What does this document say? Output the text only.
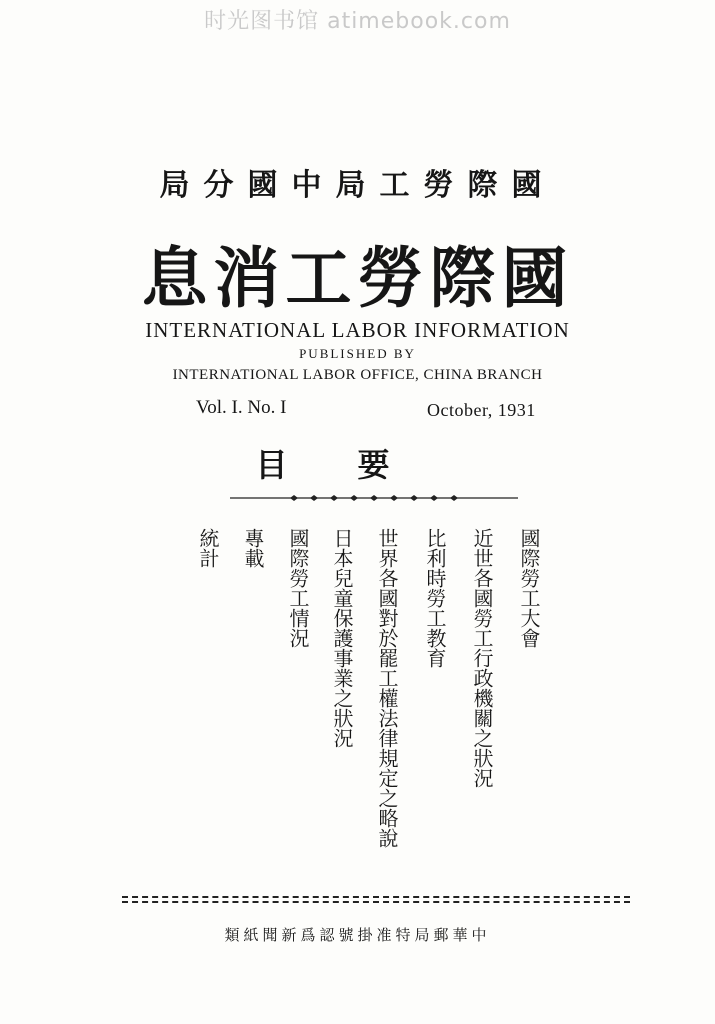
时光图书馆 atimebook.com
國際勞工局中國分局
國際勞工消息
INTERNATIONAL LABOR INFORMATION
PUBLISHED BY
INTERNATIONAL LABOR OFFICE, CHINA BRANCH
Vol. I. No. I	October, 1931
要目
國際勞工大會
近世各國勞工行政機關之狀況
比利時勞工教育
世界各國對於罷工權法律規定之略說
日本兒童保護事業之狀況
國際勞工情況
專載
統計
中華郵局特准掛號認爲新聞紙類
